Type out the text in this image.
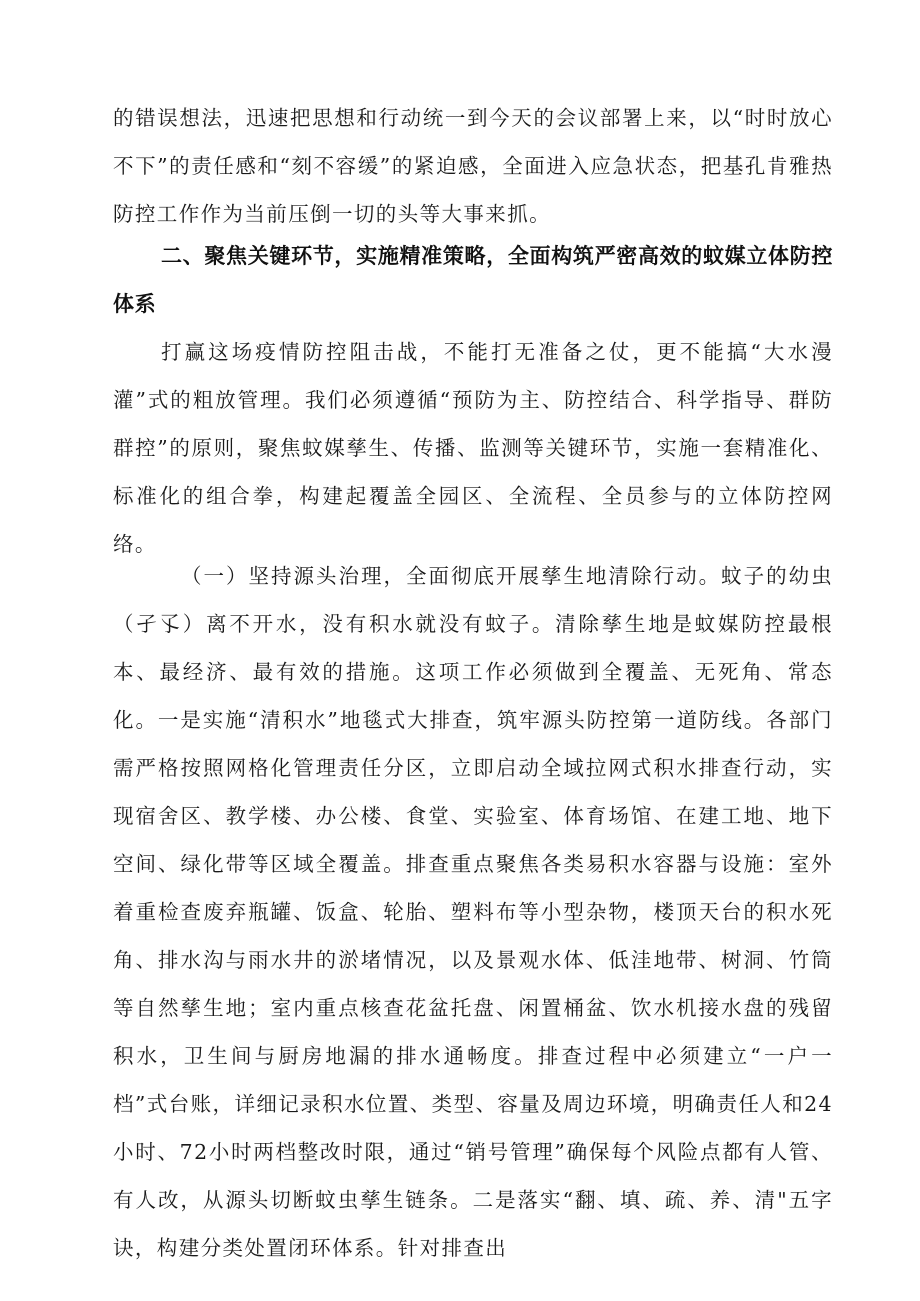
的错误想法，迅速把思想和行动统一到今天的会议部署上来，以“时时放心不下”的责任感和“刻不容缓”的紧迫感，全面进入应急状态，把基孔肯雅热防控工作作为当前压倒一切的头等大事来抓。

二、聚焦关键环节，实施精准策略，全面构筑严密高效的蚊媒立体防控体系

打赢这场疫情防控阻击战，不能打无准备之仗，更不能搞“大水漫灌”式的粗放管理。我们必须遵循“预防为主、防控结合、科学指导、群防群控”的原则，聚焦蚊媒孳生、传播、监测等关键环节，实施一套精准化、标准化的组合拳，构建起覆盖全园区、全流程、全员参与的立体防控网络。

（一）坚持源头治理，全面彻底开展孳生地清除行动。蚊子的幼虫（孑孓）离不开水，没有积水就没有蚊子。清除孳生地是蚊媒防控最根本、最经济、最有效的措施。这项工作必须做到全覆盖、无死角、常态化。一是实施“清积水”地毯式大排查，筑牢源头防控第一道防线。各部门需严格按照网格化管理责任分区，立即启动全域拉网式积水排查行动，实现宿舍区、教学楼、办公楼、食堂、实验室、体育场馆、在建工地、地下空间、绿化带等区域全覆盖。排查重点聚焦各类易积水容器与设施：室外着重检查废弃瓶罐、饭盒、轮胎、塑料布等小型杂物，楼顶天台的积水死角、排水沟与雨水井的淤堵情况，以及景观水体、低洼地带、树洞、竹筒等自然孳生地；室内重点核查花盆托盘、闲置桶盆、饮水机接水盘的残留积水，卫生间与厨房地漏的排水通畅度。排查过程中必须建立“一户一档”式台账，详细记录积水位置、类型、容量及周边环境，明确责任人和24小时、72小时两档整改时限，通过“销号管理”确保每个风险点都有人管、有人改，从源头切断蚊虫孳生链条。二是落实“翻、填、疏、养、清"五字诀，构建分类处置闭环体系。针对排查出
